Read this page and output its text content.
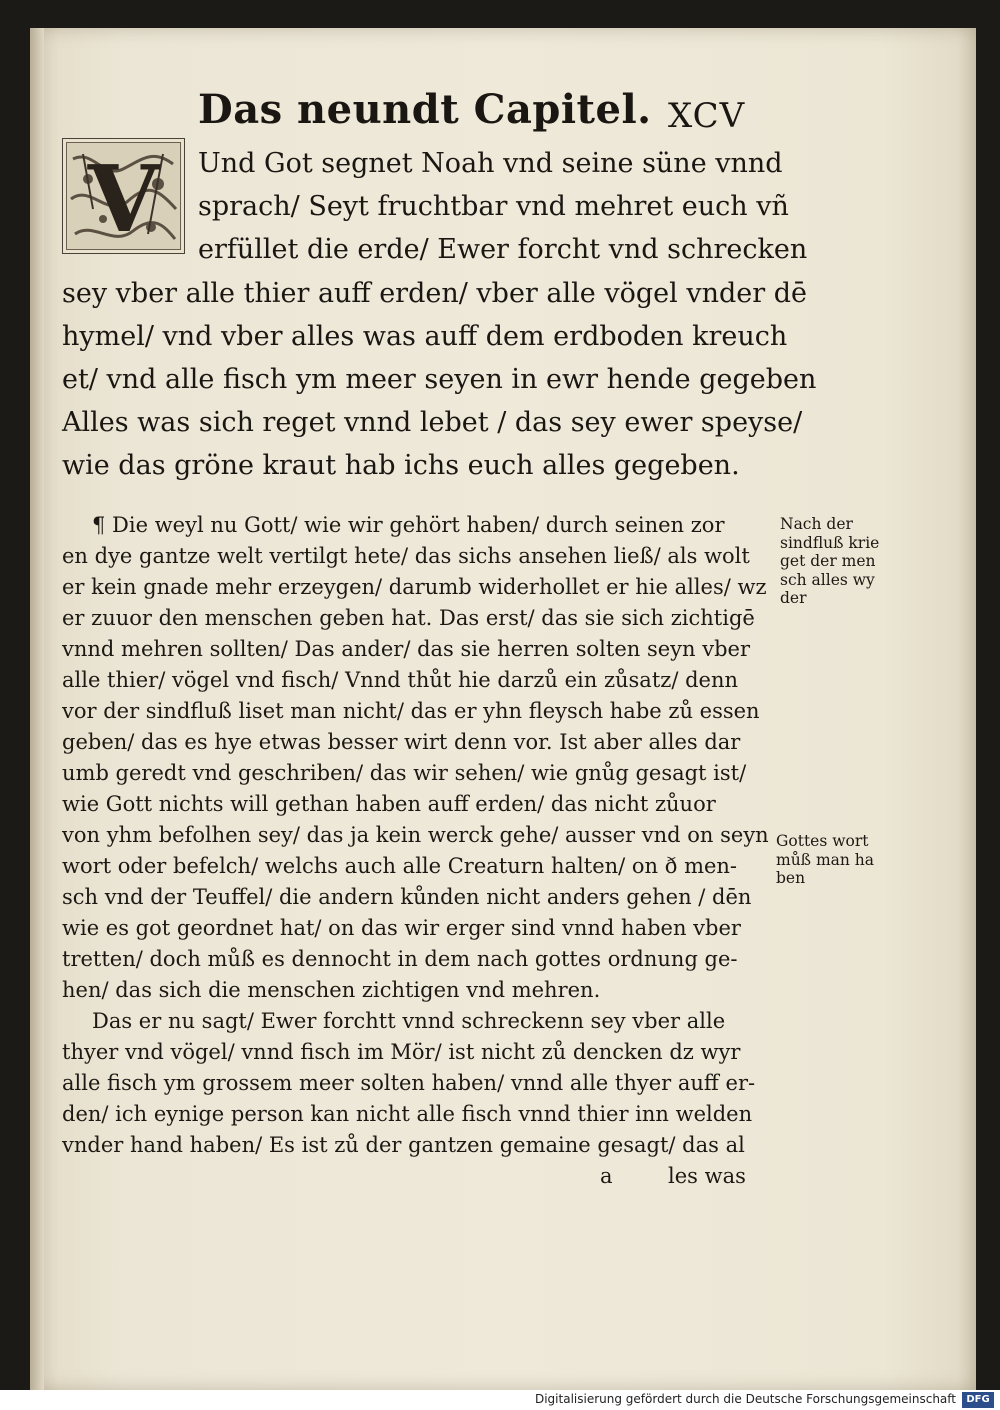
Das neundt Capitel. XCV
V	Und Got segnet Noah vnd seine süne vnnd
sprach/ Seyt fruchtbar vnd mehret euch vñ
erfüllet die erde/ Ewer forcht vnd schrecken
sey vber alle thier auff erden/ vber alle vögel vnder dē
hymel/ vnd vber alles was auff dem erdboden kreuch
et/ vnd alle fisch ym meer seyen in ewr hende gegeben
Alles was sich reget vnnd lebet / das sey ewer speyse/
wie das gröne kraut hab ichs euch alles gegeben.
¶ Die weyl nu Gott/ wie wir gehört haben/ durch seinen zor
en dye gantze welt vertilgt hete/ das sichs ansehen ließ/ als wolt
er kein gnade mehr erzeygen/ darumb widerhollet er hie alles/ wz
er zuuor den menschen geben hat. Das erst/ das sie sich zichtigē
vnnd mehren sollten/ Das ander/ das sie herren solten seyn vber
alle thier/ vögel vnd fisch/ Vnnd thůt hie darzů ein zůsatz/ denn
vor der sindfluß liset man nicht/ das er yhn fleysch habe zů essen
geben/ das es hye etwas besser wirt denn vor. Ist aber alles dar
umb geredt vnd geschriben/ das wir sehen/ wie gnůg gesagt ist/
wie Gott nichts will gethan haben auff erden/ das nicht zůuor
von yhm befolhen sey/ das ja kein werck gehe/ ausser vnd on seyn
wort oder befelch/ welchs auch alle Creaturn halten/ on ð men-
sch vnd der Teuffel/ die andern kůnden nicht anders gehen / dēn
wie es got geordnet hat/ on das wir erger sind vnnd haben vber
tretten/ doch můß es dennocht in dem nach gottes ordnung ge-
hen/ das sich die menschen zichtigen vnd mehren.
Das er nu sagt/ Ewer forchtt vnnd schreckenn sey vber alle
thyer vnd vögel/ vnnd fisch im Mör/ ist nicht zů dencken dz wyr
alle fisch ym grossem meer solten haben/ vnnd alle thyer auff er-
den/ ich eynige person kan nicht alle fisch vnnd thier inn welden
vnder hand haben/ Es ist zů der gantzen gemaine gesagt/ das al
a	les was
Nach der
sindfluß krie
get der men
sch alles wy
der
Gottes wort
můß man ha
ben
Digitalisierung gefördert durch die Deutsche Forschungsgemeinschaft	DFG
